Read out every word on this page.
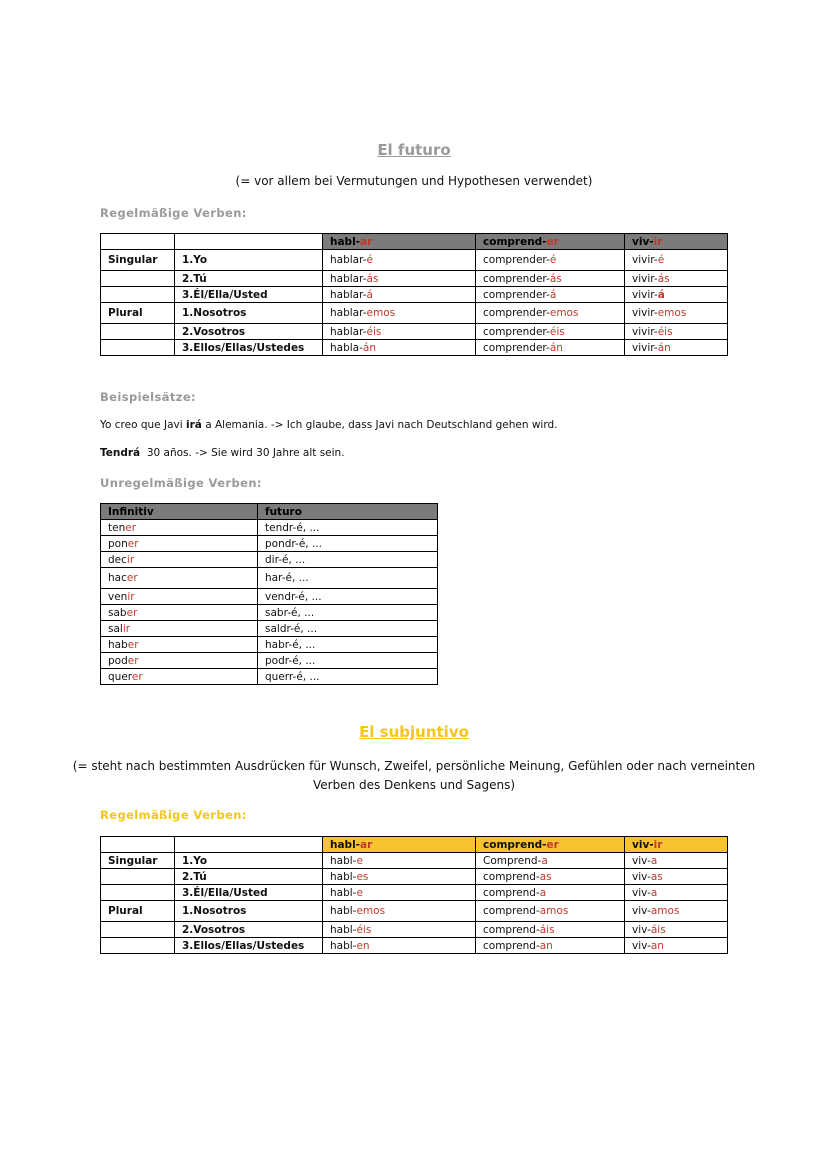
El futuro
(= vor allem bei Vermutungen und Hypothesen verwendet)
Regelmäßige Verben:
		habl-ar	comprend-er	viv-ir
Singular	1.Yo	hablar-é	comprender-é	vivir-é
	2.Tú	hablar-ás	comprender-ás	vivir-ás
	3.Él/Ella/Usted	hablar-á	comprender-á	vivir-á
Plural	1.Nosotros	hablar-emos	comprender-emos	vivir-emos
	2.Vosotros	hablar-éis	comprender-éis	vivir-éis
	3.Ellos/Ellas/Ustedes	habla-án	comprender-án	vivir-án
Beispielsätze:
Yo creo que Javi irá a Alemania. -> Ich glaube, dass Javi nach Deutschland gehen wird.
Tendrá  30 años. -> Sie wird 30 Jahre alt sein.
Unregelmäßige Verben:
Infinitiv	futuro
tener	tendr-é, ...
poner	pondr-é, ...
decir	dir-é, ...
hacer	har-é, ...
venir	vendr-é, ...
saber	sabr-é, ...
salir	saldr-é, ...
haber	habr-é, ...
poder	podr-é, ...
querer	querr-é, ...
El subjuntivo
(= steht nach bestimmten Ausdrücken für Wunsch, Zweifel, persönliche Meinung, Gefühlen oder nach verneinten
Verben des Denkens und Sagens)
Regelmäßige Verben:
		habl-ar	comprend-er	viv-ir
Singular	1.Yo	habl-e	Comprend-a	viv-a
	2.Tú	habl-es	comprend-as	viv-as
	3.Él/Ella/Usted	habl-e	comprend-a	viv-a
Plural	1.Nosotros	habl-emos	comprend-amos	viv-amos
	2.Vosotros	habl-éis	comprend-áis	viv-áis
	3.Ellos/Ellas/Ustedes	habl-en	comprend-an	viv-an
